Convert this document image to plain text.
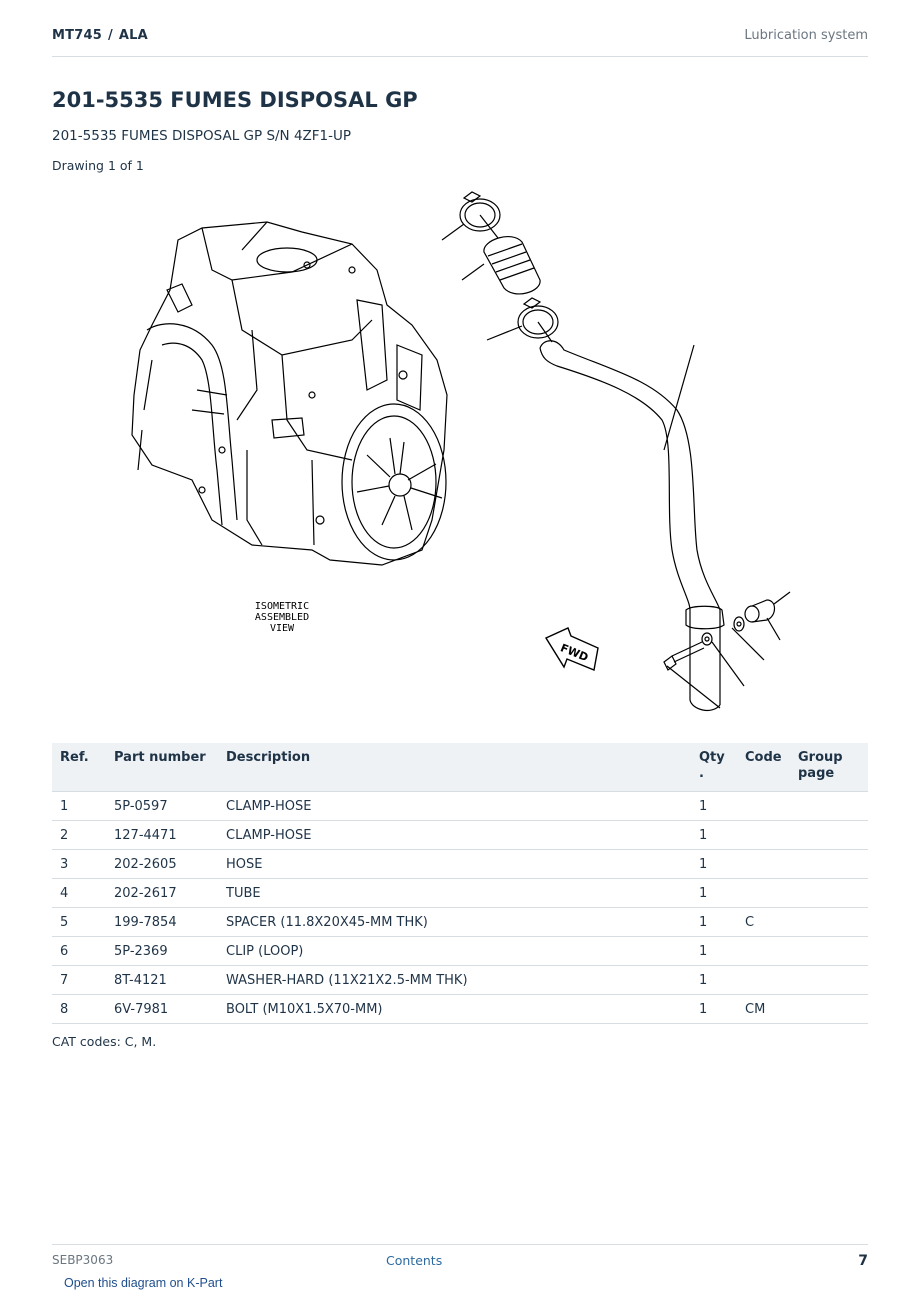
MT745 / ALA	Lubrication system
201-5535 FUMES DISPOSAL GP
201-5535 FUMES DISPOSAL GP S/N 4ZF1-UP
Drawing 1 of 1
ISOMETRIC
ASSEMBLED
VIEW
FWD
Ref.	Part number	Description	Qty .	Code	Group page
1	5P-0597	CLAMP-HOSE	1		
2	127-4471	CLAMP-HOSE	1		
3	202-2605	HOSE	1		
4	202-2617	TUBE	1		
5	199-7854	SPACER (11.8X20X45-MM THK)	1	C	
6	5P-2369	CLIP (LOOP)	1		
7	8T-4121	WASHER-HARD (11X21X2.5-MM THK)	1		
8	6V-7981	BOLT (M10X1.5X70-MM)	1	CM	
CAT codes: C, M.
SEBP3063	Contents	7
Open this diagram on K-Part
